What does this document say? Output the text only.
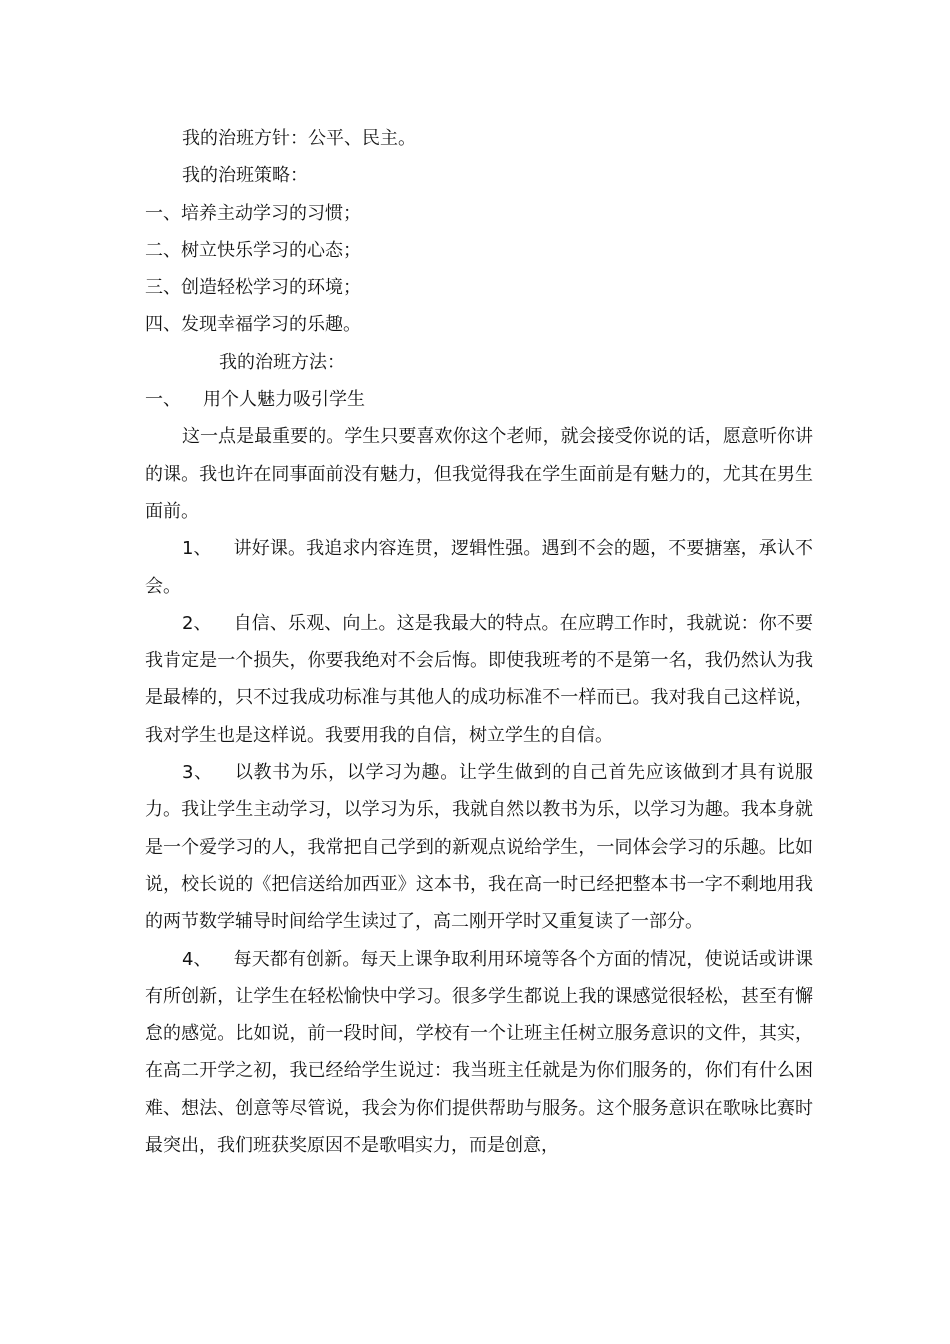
我的治班方针：公平、民主。

我的治班策略：

一、培养主动学习的习惯；

二、树立快乐学习的心态；

三、创造轻松学习的环境；

四、发现幸福学习的乐趣。

我的治班方法：

一、 用个人魅力吸引学生

这一点是最重要的。学生只要喜欢你这个老师，就会接受你说的话，愿意听你讲的课。我也许在同事面前没有魅力，但我觉得我在学生面前是有魅力的，尤其在男生面前。

1、 讲好课。我追求内容连贯，逻辑性强。遇到不会的题，不要搪塞，承认不会。

2、 自信、乐观、向上。这是我最大的特点。在应聘工作时，我就说：你不要我肯定是一个损失，你要我绝对不会后悔。即使我班考的不是第一名，我仍然认为我是最棒的，只不过我成功标准与其他人的成功标准不一样而已。我对我自己这样说，我对学生也是这样说。我要用我的自信，树立学生的自信。

3、 以教书为乐，以学习为趣。让学生做到的自己首先应该做到才具有说服力。我让学生主动学习，以学习为乐，我就自然以教书为乐，以学习为趣。我本身就是一个爱学习的人，我常把自己学到的新观点说给学生，一同体会学习的乐趣。比如说，校长说的《把信送给加西亚》这本书，我在高一时已经把整本书一字不剩地用我的两节数学辅导时间给学生读过了，高二刚开学时又重复读了一部分。

4、 每天都有创新。每天上课争取利用环境等各个方面的情况，使说话或讲课有所创新，让学生在轻松愉快中学习。很多学生都说上我的课感觉很轻松，甚至有懈怠的感觉。比如说，前一段时间，学校有一个让班主任树立服务意识的文件，其实，在高二开学之初，我已经给学生说过：我当班主任就是为你们服务的，你们有什么困难、想法、创意等尽管说，我会为你们提供帮助与服务。这个服务意识在歌咏比赛时最突出，我们班获奖原因不是歌唱实力，而是创意，
